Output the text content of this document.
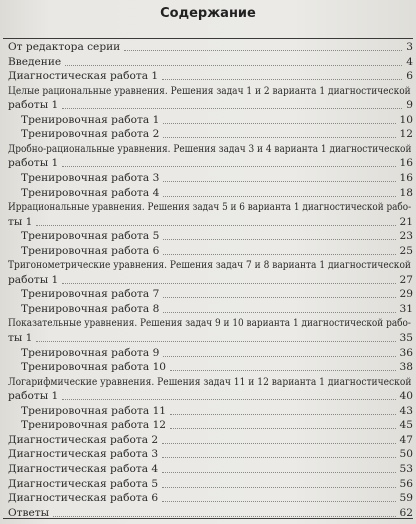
Содержание
От редактора серии	3
Введение	4
Диагностическая работа 1	6
Целые рациональные уравнения. Решения задач 1 и 2 варианта 1 диагностической
работы 1	9
Тренировочная работа 1	10
Тренировочная работа 2	12
Дробно-рациональные уравнения. Решения задач 3 и 4 варианта 1 диагностической
работы 1	16
Тренировочная работа 3	16
Тренировочная работа 4	18
Иррациональные уравнения. Решения задач 5 и 6 варианта 1 диагностической рабо-
ты 1	21
Тренировочная работа 5	23
Тренировочная работа 6	25
Тригонометрические уравнения. Решения задач 7 и 8 варианта 1 диагностической
работы 1	27
Тренировочная работа 7	29
Тренировочная работа 8	31
Показательные уравнения. Решения задач 9 и 10 варианта 1 диагностической рабо-
ты 1	35
Тренировочная работа 9	36
Тренировочная работа 10	38
Логарифмические уравнения. Решения задач 11 и 12 варианта 1 диагностической
работы 1	40
Тренировочная работа 11	43
Тренировочная работа 12	45
Диагностическая работа 2	47
Диагностическая работа 3	50
Диагностическая работа 4	53
Диагностическая работа 5	56
Диагностическая работа 6	59
Ответы	62
